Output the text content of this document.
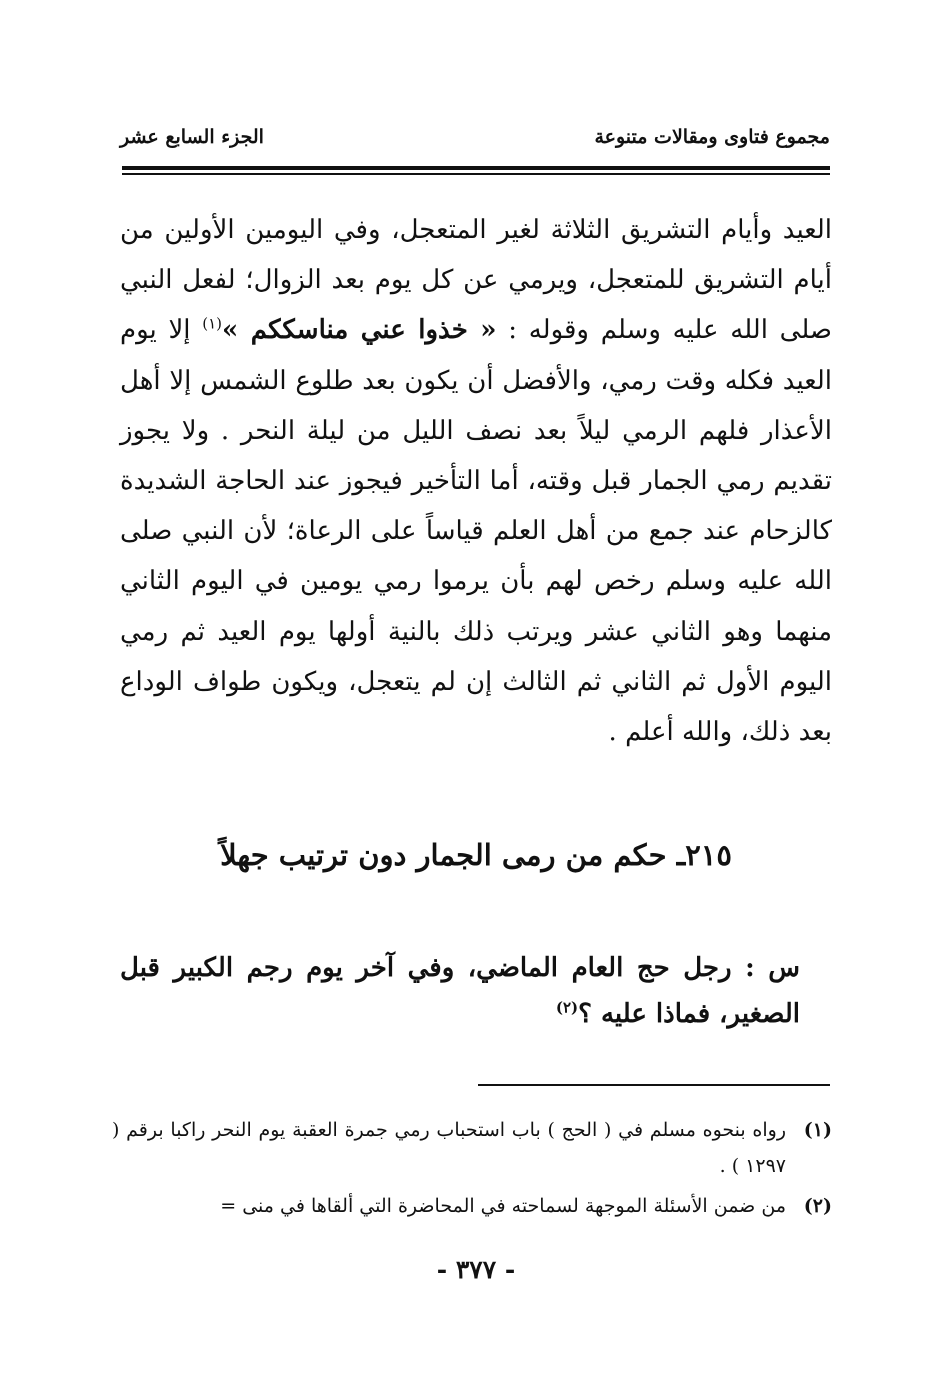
مجموع فتاوى ومقالات متنوعة
الجزء السابع عشر

العيد وأيام التشريق الثلاثة لغير المتعجل، وفي اليومين الأولين من أيام التشريق للمتعجل، ويرمي عن كل يوم بعد الزوال؛ لفعل النبي صلى الله عليه وسلم وقوله : « خذوا عني مناسككم »$^{(١)}$ إلا يوم العيد فكله وقت رمي، والأفضل أن يكون بعد طلوع الشمس إلا أهل الأعذار فلهم الرمي ليلاً بعد نصف الليل من ليلة النحر . ولا يجوز تقديم رمي الجمار قبل وقته، أما التأخير فيجوز عند الحاجة الشديدة كالزحام عند جمع من أهل العلم قياساً على الرعاة؛ لأن النبي صلى الله عليه وسلم رخص لهم بأن يرموا رمي يومين في اليوم الثاني منهما وهو الثاني عشر ويرتب ذلك بالنية أولها يوم العيد ثم رمي اليوم الأول ثم الثاني ثم الثالث إن لم يتعجل، ويكون طواف الوداع بعد ذلك، والله أعلم .

٢١٥ـ حكم من رمى الجمار دون ترتيب جهلاً

س : رجل حج العام الماضي، وفي آخر يوم رجم الكبير قبل الصغير، فماذا عليه ؟$^{(٢)}$

(١)
رواه بنحوه مسلم في ( الحج ) باب استحباب رمي جمرة العقبة يوم النحر راكبا برقم ( ١٢٩٧ ) .
(٢)
من ضمن الأسئلة الموجهة لسماحته في المحاضرة التي ألقاها في منى =
- ٣٧٧ -
